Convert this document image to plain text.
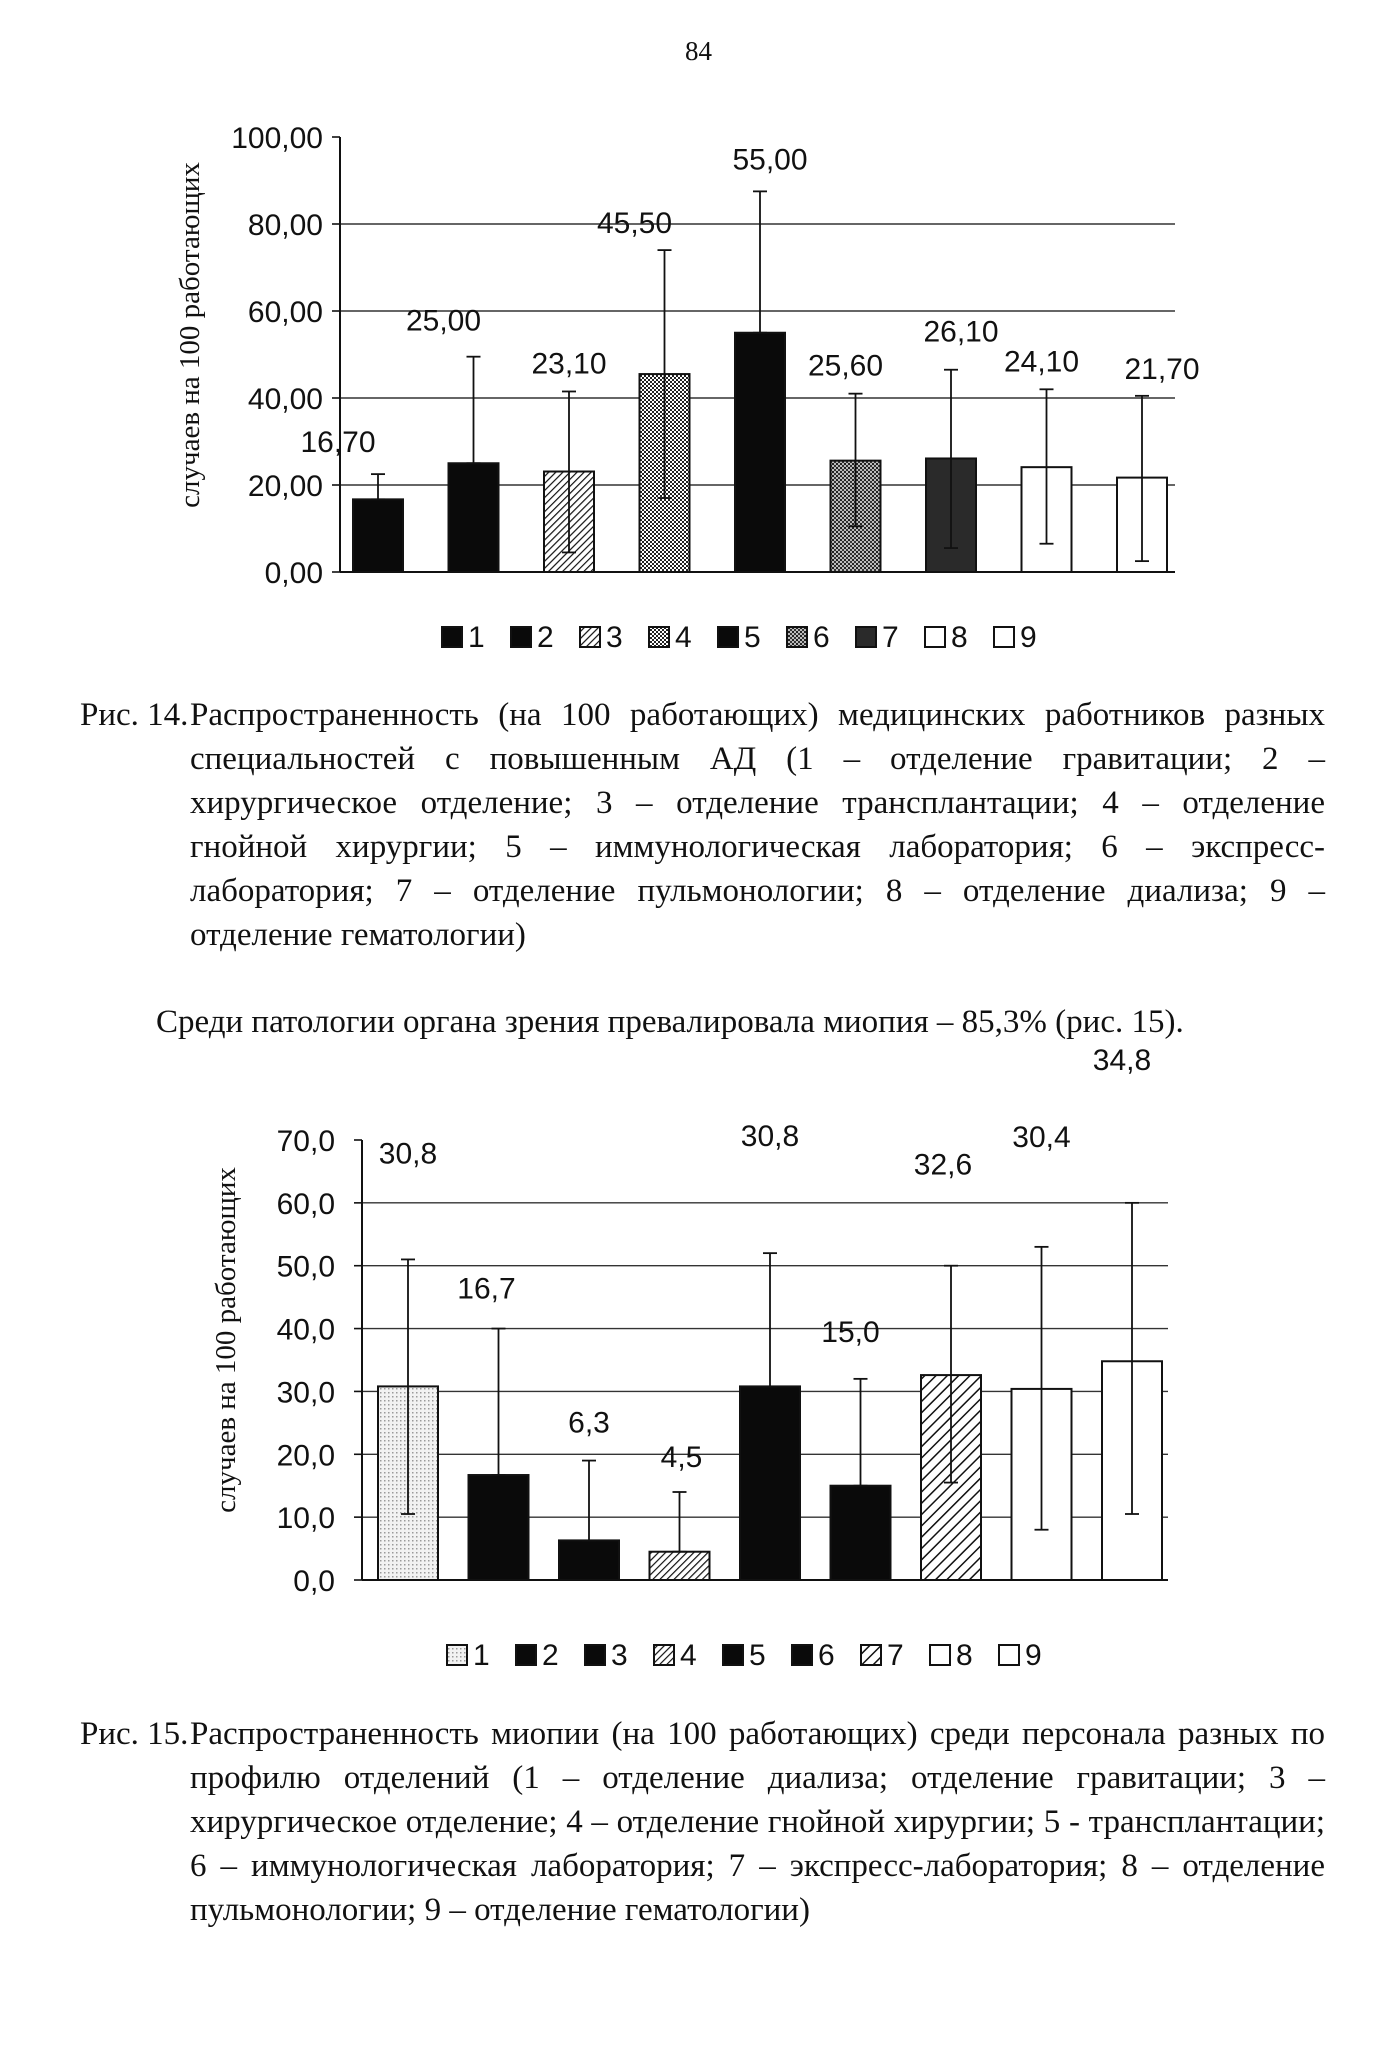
84
0,00
20,00
40,00
60,00
80,00
100,00
16,70
25,00
23,10
45,50
55,00
25,60
26,10
24,10 21,70
1 2 3 4 5 6 7 8 9
случаев на 100 работающих
Рис. 14. Распространенность (на 100 работающих) медицинских работников разных специальностей с повышенным АД (1 – отделение гравитации; 2 – хирургическое отделение; 3 – отделение трансплантации; 4 – отделение гнойной хирургии; 5 – иммунологическая лаборатория; 6 – экспресс-лаборатория; 7 – отделение пульмонологии; 8 – отделение диализа; 9 – отделение гематологии)
Среди патологии органа зрения превалировала миопия – 85,3% (рис. 15).
0,0
10,0
20,0
30,0
40,0
50,0
60,0
70,0 30,8
16,7
6,3
4,5
30,8
15,0
32,6
30,4
34,8
1 2 3 4 5 6 7 8 9
случаев на 100 работающих
Рис. 15. Распространенность миопии (на 100 работающих) среди персонала разных по профилю отделений (1 – отделение диализа; отделение гравитации; 3 – хирургическое отделение; 4 – отделение гнойной хирургии; 5 - трансплантации; 6 – иммунологическая лаборатория; 7 – экспресс-лаборатория; 8 – отделение пульмонологии; 9 – отделение гематологии)
